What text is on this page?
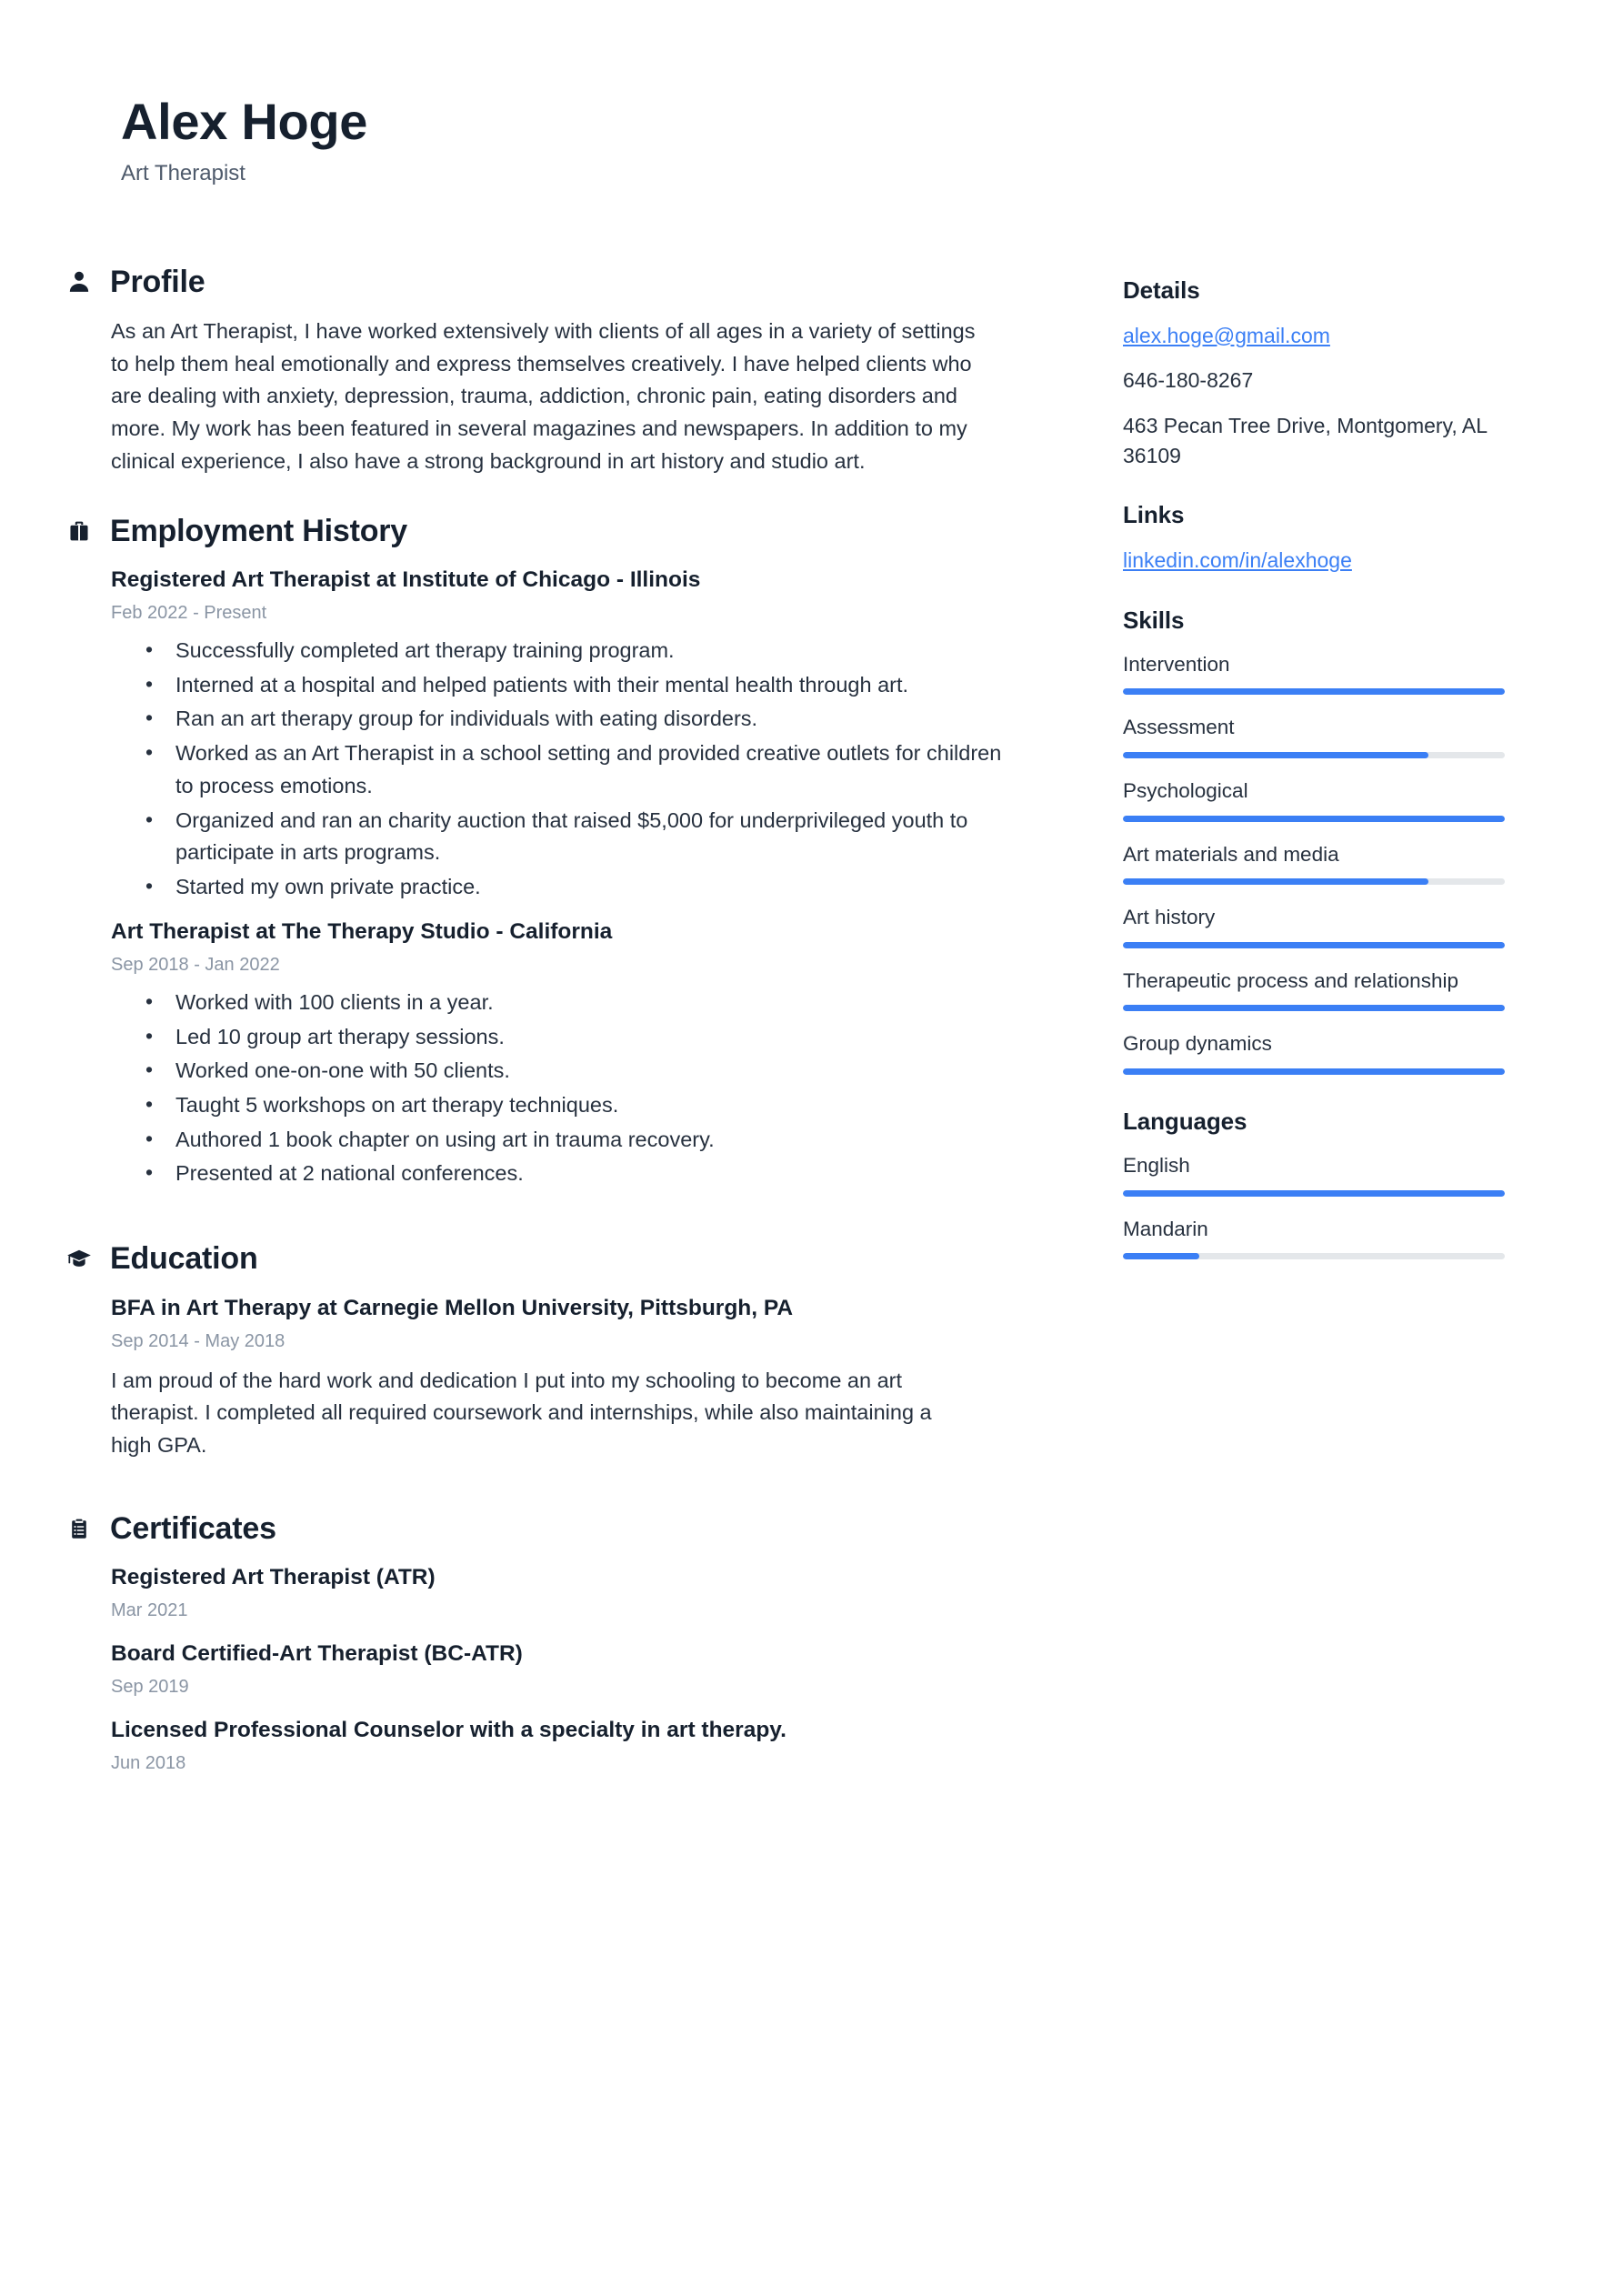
Alex Hoge
Art Therapist
Profile
As an Art Therapist, I have worked extensively with clients of all ages in a variety of settings to help them heal emotionally and express themselves creatively. I have helped clients who are dealing with anxiety, depression, trauma, addiction, chronic pain, eating disorders and more. My work has been featured in several magazines and newspapers. In addition to my clinical experience, I also have a strong background in art history and studio art.
Employment History
Registered Art Therapist at Institute of Chicago - Illinois
Feb 2022 - Present
• Successfully completed art therapy training program.
• Interned at a hospital and helped patients with their mental health through art.
• Ran an art therapy group for individuals with eating disorders.
• Worked as an Art Therapist in a school setting and provided creative outlets for children to process emotions.
• Organized and ran an charity auction that raised $5,000 for underprivileged youth to participate in arts programs.
• Started my own private practice.
Art Therapist at The Therapy Studio - California
Sep 2018 - Jan 2022
• Worked with 100 clients in a year.
• Led 10 group art therapy sessions.
• Worked one-on-one with 50 clients.
• Taught 5 workshops on art therapy techniques.
• Authored 1 book chapter on using art in trauma recovery.
• Presented at 2 national conferences.
Education
BFA in Art Therapy at Carnegie Mellon University, Pittsburgh, PA
Sep 2014 - May 2018
I am proud of the hard work and dedication I put into my schooling to become an art therapist. I completed all required coursework and internships, while also maintaining a high GPA.
Certificates
Registered Art Therapist (ATR)
Mar 2021
Board Certified-Art Therapist (BC-ATR)
Sep 2019
Licensed Professional Counselor with a specialty in art therapy.
Jun 2018
Details
alex.hoge@gmail.com
646-180-8267
463 Pecan Tree Drive, Montgomery, AL 36109
Links
linkedin.com/in/alexhoge
Skills
Intervention
Assessment
Psychological
Art materials and media
Art history
Therapeutic process and relationship
Group dynamics
Languages
English
Mandarin
